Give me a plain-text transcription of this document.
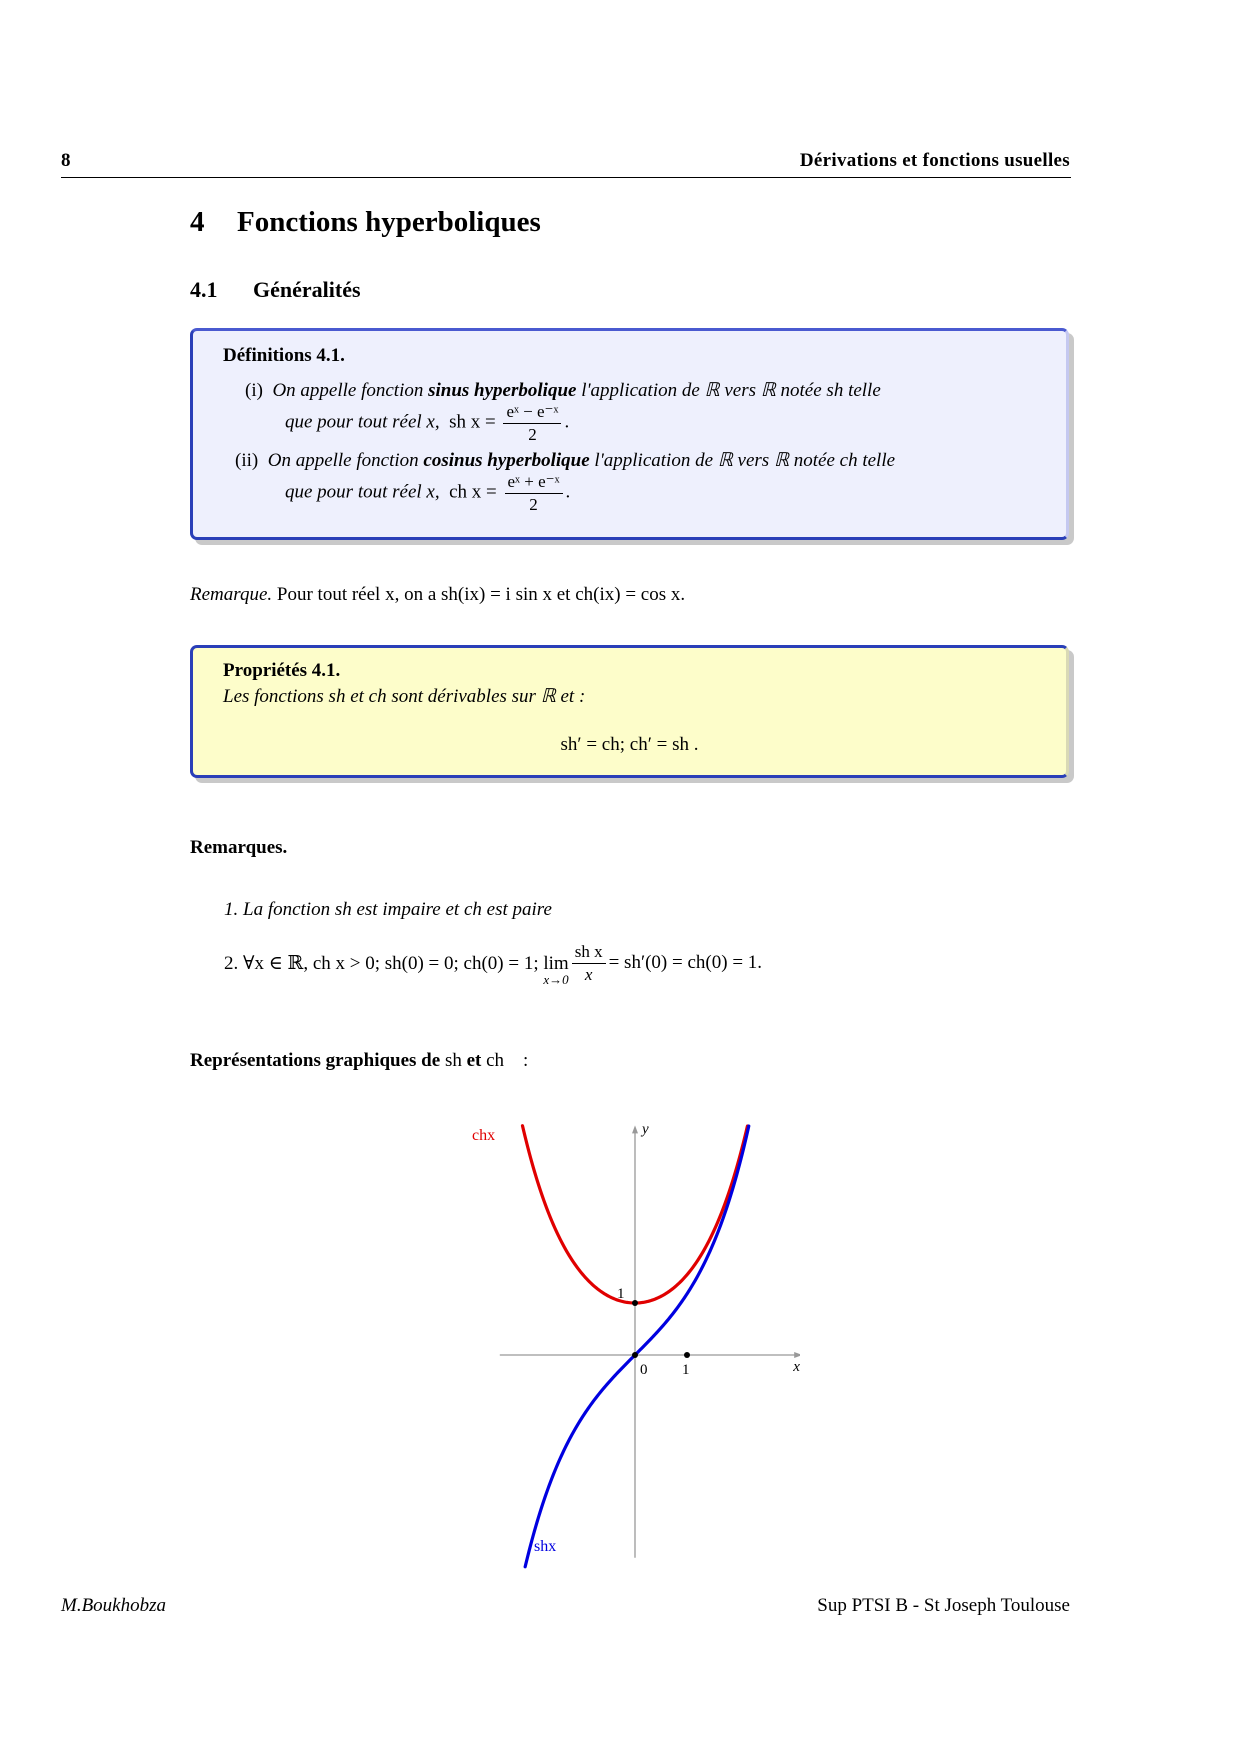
8	Dérivations et fonctions usuelles
4 Fonctions hyperboliques
4.1 Généralités
Définitions 4.1.
(i) On appelle fonction sinus hyperbolique l'application de ℝ vers ℝ notée sh telle
que pour tout réel x, sh $x = \frac{\text{eˣ − e⁻ˣ}}{2}$ .
(ii) On appelle fonction cosinus hyperbolique l'application de ℝ vers ℝ notée ch telle
que pour tout réel x, ch $x = \frac{\text{eˣ + e⁻ˣ}}{2}$ .
Remarque. Pour tout réel x, on a sh(ix) = i sin x et ch(ix) = cos x.
Propriétés 4.1.
Les fonctions sh et ch sont dérivables sur ℝ et :
sh′ = ch; ch′ = sh .
Remarques.
1. La fonction sh est impaire et ch est paire
2. ∀x ∈ ℝ, ch x > 0; sh(0) = 0; ch(0) = 1;
lim
$x\to 0 \frac{\text{sh x}}{x} = sh'(0) = ch(0) = 1$.
Représentations graphiques de sh et ch :
x
y
0 1
1
chx
shx
M.Boukhobza	Sup PTSI B - St Joseph Toulouse
